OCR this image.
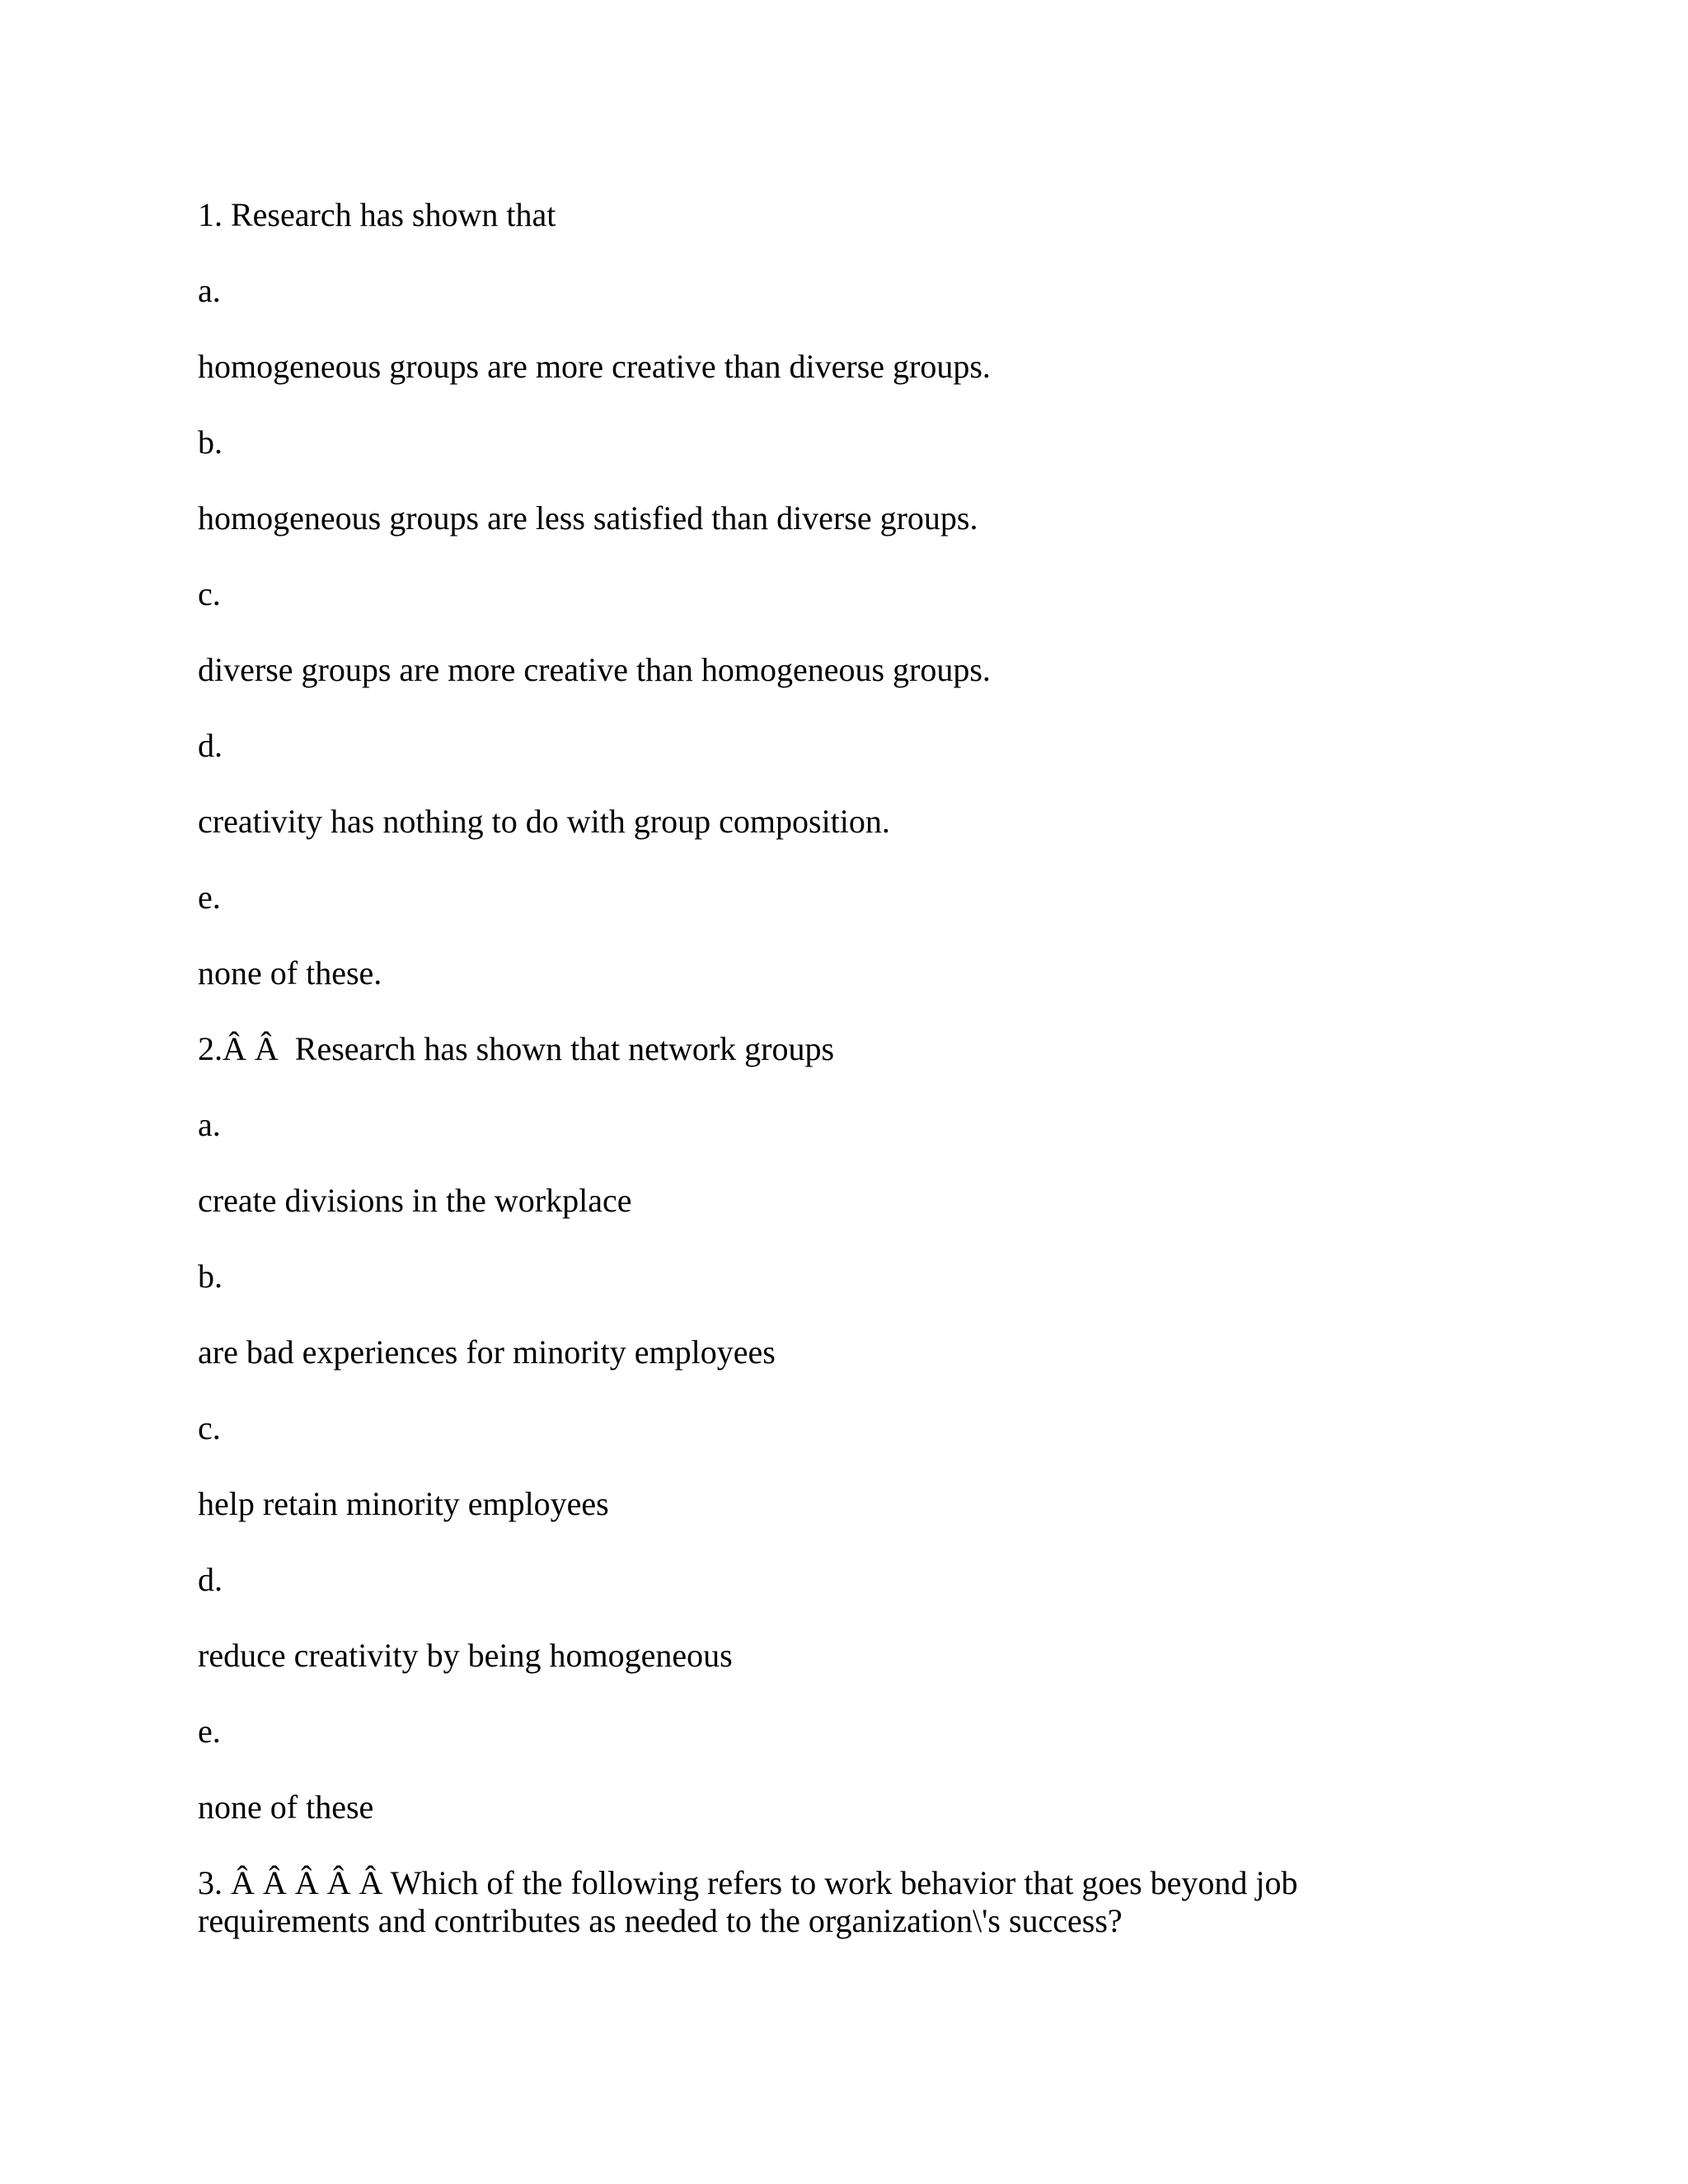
1. Research has shown that

a.

homogeneous groups are more creative than diverse groups.

b.

homogeneous groups are less satisfied than diverse groups.

c.

diverse groups are more creative than homogeneous groups.

d.

creativity has nothing to do with group composition.

e.

none of these.

2.Â Â  Research has shown that network groups

a.

create divisions in the workplace

b.

are bad experiences for minority employees

c.

help retain minority employees

d.

reduce creativity by being homogeneous

e.

none of these

3. Â Â Â Â Â Which of the following refers to work behavior that goes beyond job requirements and contributes as needed to the organization\'s success?
